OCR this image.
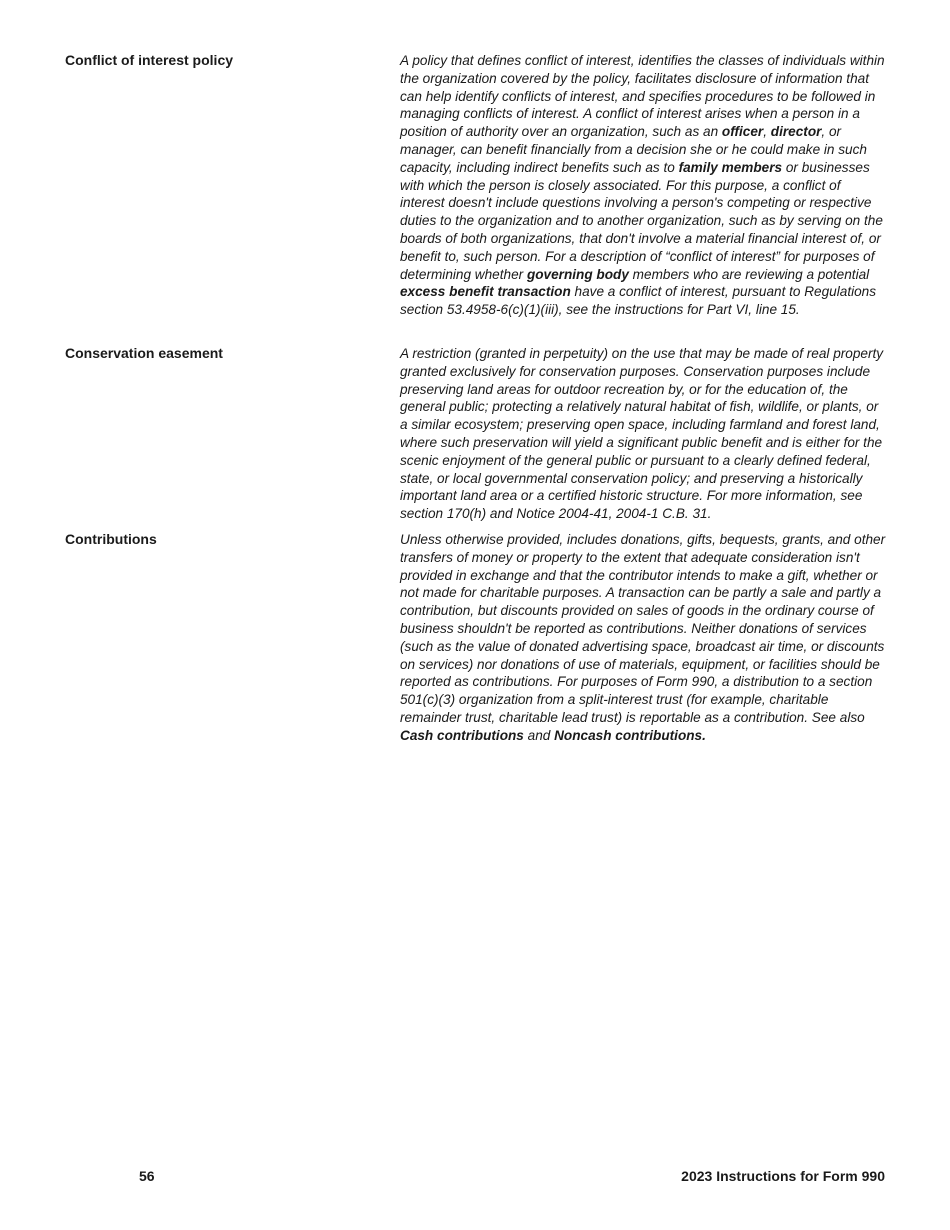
Conflict of interest policy	A policy that defines conflict of interest, identifies the classes of individuals within the organization covered by the policy, facilitates disclosure of information that can help identify conflicts of interest, and specifies procedures to be followed in managing conflicts of interest. A conflict of interest arises when a person in a position of authority over an organization, such as an officer, director, or manager, can benefit financially from a decision she or he could make in such capacity, including indirect benefits such as to family members or businesses with which the person is closely associated. For this purpose, a conflict of interest doesn't include questions involving a person's competing or respective duties to the organization and to another organization, such as by serving on the boards of both organizations, that don't involve a material financial interest of, or benefit to, such person. For a description of “conflict of interest” for purposes of determining whether governing body members who are reviewing a potential excess benefit transaction have a conflict of interest, pursuant to Regulations section 53.4958-6(c)(1)(iii), see the instructions for Part VI, line 15.
Conservation easement	A restriction (granted in perpetuity) on the use that may be made of real property granted exclusively for conservation purposes. Conservation purposes include preserving land areas for outdoor recreation by, or for the education of, the general public; protecting a relatively natural habitat of fish, wildlife, or plants, or a similar ecosystem; preserving open space, including farmland and forest land, where such preservation will yield a significant public benefit and is either for the scenic enjoyment of the general public or pursuant to a clearly defined federal, state, or local governmental conservation policy; and preserving a historically important land area or a certified historic structure. For more information, see section 170(h) and Notice 2004-41, 2004-1 C.B. 31.
Contributions	Unless otherwise provided, includes donations, gifts, bequests, grants, and other transfers of money or property to the extent that adequate consideration isn't provided in exchange and that the contributor intends to make a gift, whether or not made for charitable purposes. A transaction can be partly a sale and partly a contribution, but discounts provided on sales of goods in the ordinary course of business shouldn't be reported as contributions. Neither donations of services (such as the value of donated advertising space, broadcast air time, or discounts on services) nor donations of use of materials, equipment, or facilities should be reported as contributions. For purposes of Form 990, a distribution to a section 501(c)(3) organization from a split-interest trust (for example, charitable remainder trust, charitable lead trust) is reportable as a contribution. See also Cash contributions and Noncash contributions.
56	2023 Instructions for Form 990
